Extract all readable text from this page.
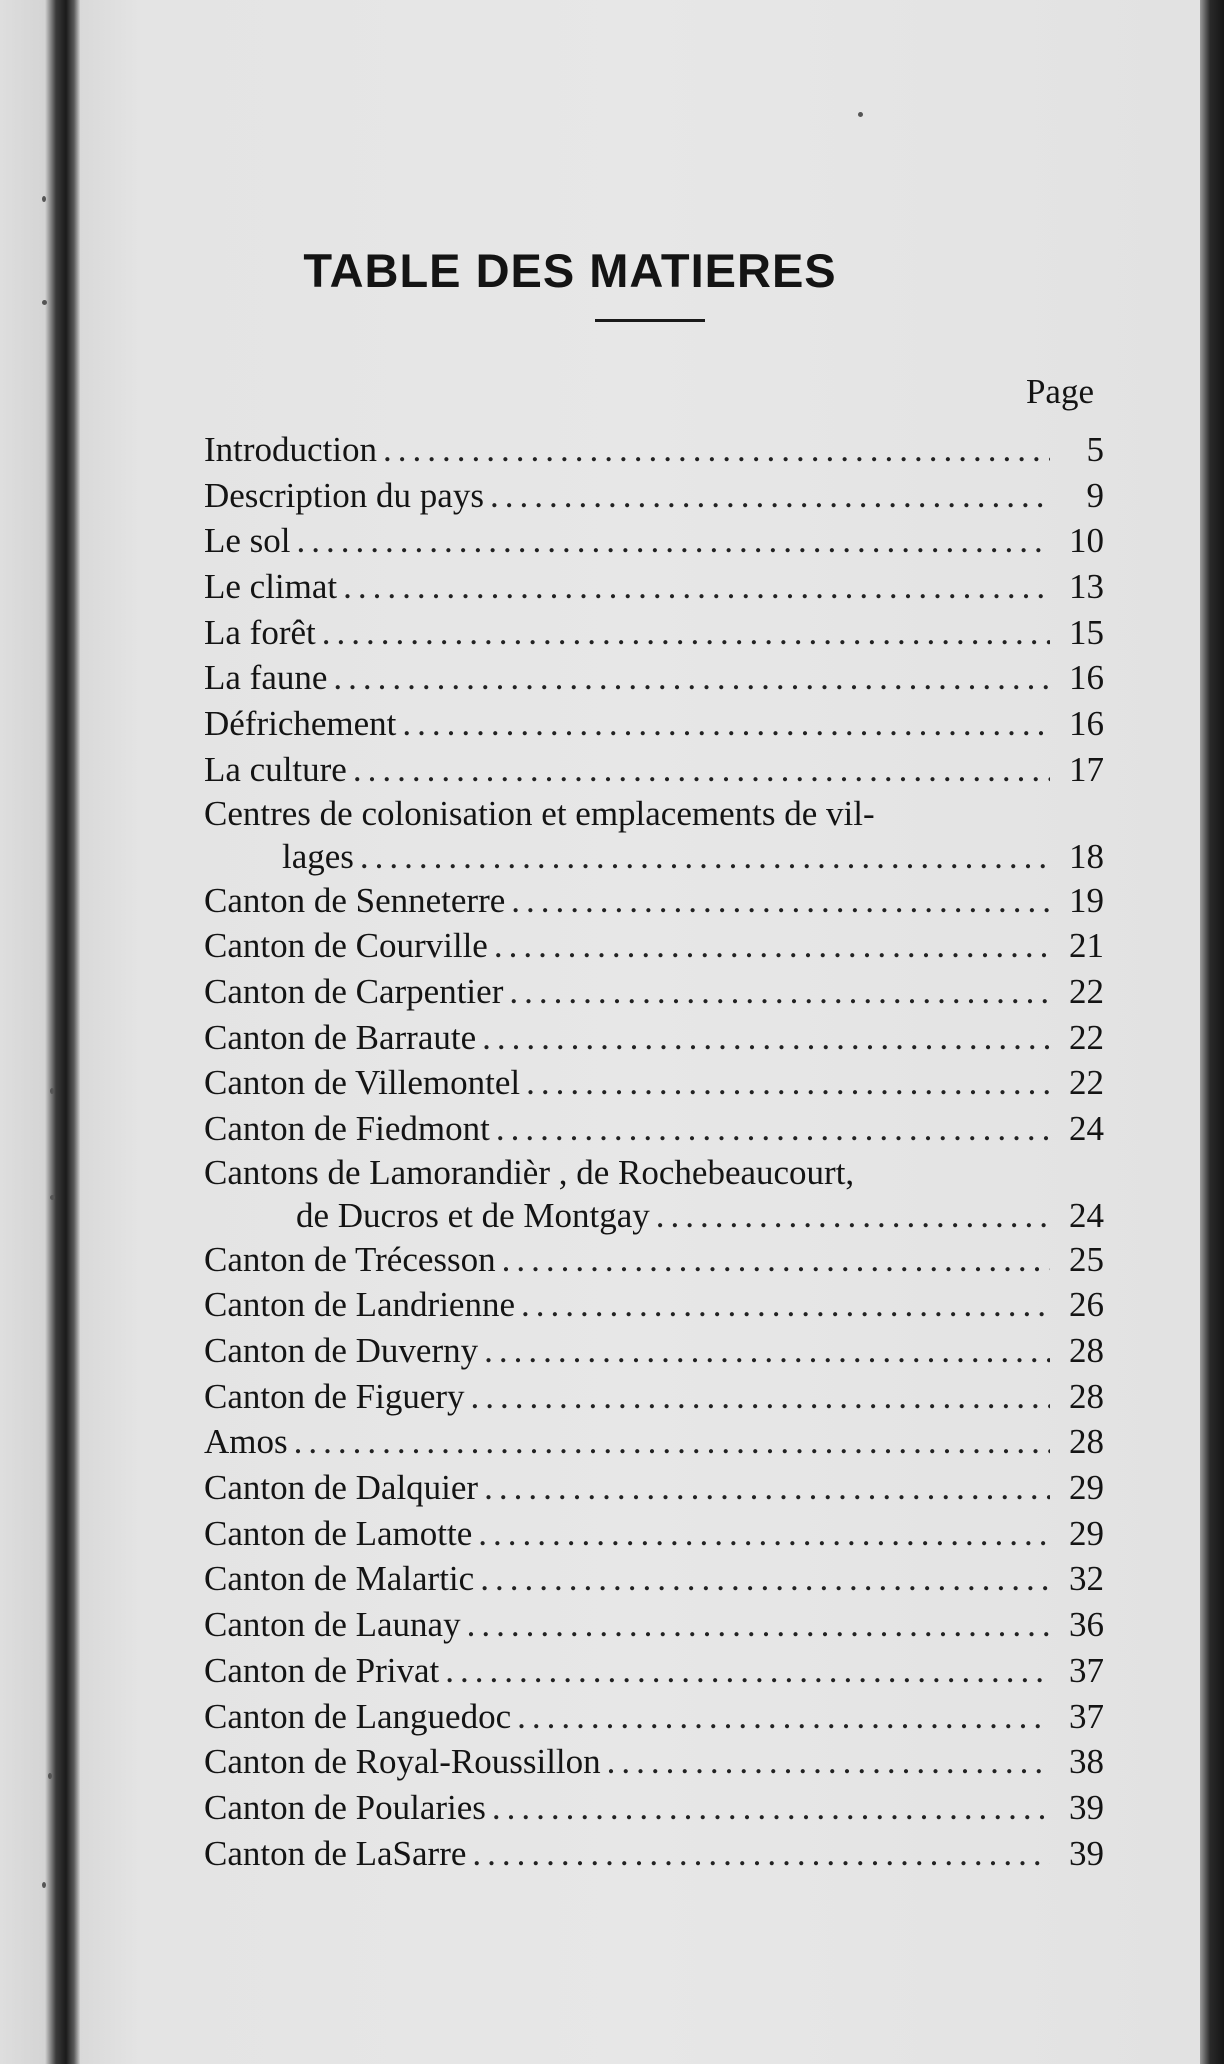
TABLE DES MATIERES
Page
Introduction .....	5
Description du pays .....	9
Le sol .....	10
Le climat .....	13
La forêt .....	15
La faune .....	16
Défrichement .....	16
La culture .....	17
Centres de colonisation et emplacements de vil-
lages .....	18
Canton de Senneterre .....	19
Canton de Courville .....	21
Canton de Carpentier .....	22
Canton de Barraute .....	22
Canton de Villemontel .....	22
Canton de Fiedmont .....	24
Cantons de Lamorandièr , de Rochebeaucourt,
de Ducros et de Montgay .....	24
Canton de Trécesson .....	25
Canton de Landrienne .....	26
Canton de Duverny .....	28
Canton de Figuery .....	28
Amos .....	28
Canton de Dalquier .....	29
Canton de Lamotte .....	29
Canton de Malartic .....	32
Canton de Launay .....	36
Canton de Privat .....	37
Canton de Languedoc .....	37
Canton de Royal-Roussillon .....	38
Canton de Poularies .....	39
Canton de LaSarre .....	39
